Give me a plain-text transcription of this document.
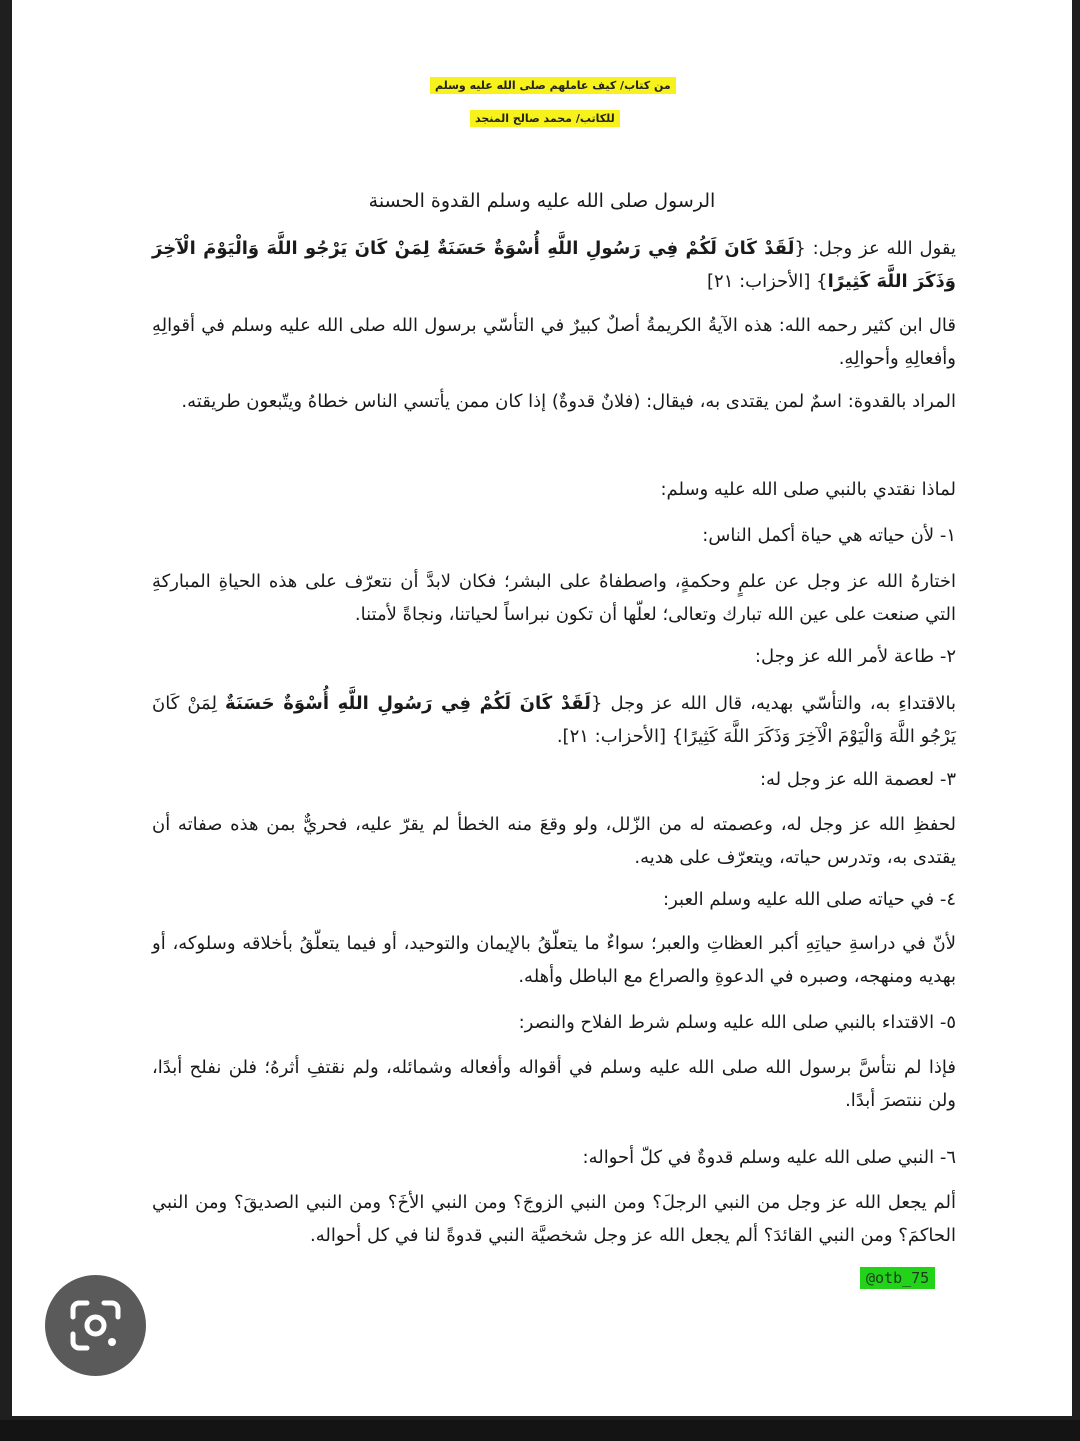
من كتاب/ كيف عاملهم صلى الله عليه وسلم
للكاتب/ محمد صالح المنجد
الرسول صلى الله عليه وسلم القدوة الحسنة
يقول الله عز وجل: {لَقَدْ كَانَ لَكُمْ فِي رَسُولِ اللَّهِ أُسْوَةٌ حَسَنَةٌ لِمَنْ كَانَ يَرْجُو اللَّهَ وَالْيَوْمَ الْآخِرَ وَذَكَرَ اللَّهَ كَثِيرًا} [الأحزاب: ٢١]
قال ابن كثير رحمه الله: هذه الآيةُ الكريمةُ أصلٌ كبيرٌ في التأسّي برسول الله صلى الله عليه وسلم في أقوالِهِ وأفعالِهِ وأحوالِهِ.
المراد بالقدوة: اسمٌ لمن يقتدى به، فيقال: (فلانٌ قدوةٌ) إذا كان ممن يأتسي الناس خطاهُ ويتّبعون طريقته.
لماذا نقتدي بالنبي صلى الله عليه وسلم:
١- لأن حياته هي حياة أكمل الناس:
اختارهُ الله عز وجل عن علمٍ وحكمةٍ، واصطفاهُ على البشر؛ فكان لابدَّ أن نتعرّف على هذه الحياةِ المباركةِ التي صنعت على عين الله تبارك وتعالى؛ لعلّها أن تكون نبراساً لحياتنا، ونجاةً لأمتنا.
٢- طاعة لأمر الله عز وجل:
بالاقتداءِ به، والتأسّي بهديه، قال الله عز وجل {لَقَدْ كَانَ لَكُمْ فِي رَسُولِ اللَّهِ أُسْوَةٌ حَسَنَةٌ لِمَنْ كَانَ يَرْجُو اللَّهَ وَالْيَوْمَ الْآخِرَ وَذَكَرَ اللَّهَ كَثِيرًا} [الأحزاب: ٢١].
٣- لعصمة الله عز وجل له:
لحفظِ الله عز وجل له، وعصمته له من الزّلل، ولو وقعَ منه الخطأ لم يقرّ عليه، فحريٌّ بمن هذه صفاته أن يقتدى به، وتدرس حياته، ويتعرّف على هديه.
٤- في حياته صلى الله عليه وسلم العبر:
لأنّ في دراسةِ حياتِهِ أكبر العظاتِ والعبر؛ سواءٌ ما يتعلّقُ بالإيمان والتوحيد، أو فيما يتعلّقُ بأخلاقه وسلوكه، أو بهديه ومنهجه، وصبره في الدعوةِ والصراع مع الباطل وأهله.
٥- الاقتداء بالنبي صلى الله عليه وسلم شرط الفلاح والنصر:
فإذا لم نتأسَّ برسول الله صلى الله عليه وسلم في أقواله وأفعاله وشمائله، ولم نقتفِ أثرهُ؛ فلن نفلح أبدًا، ولن ننتصرَ أبدًا.
٦- النبي صلى الله عليه وسلم قدوةٌ في كلّ أحواله:
ألم يجعل الله عز وجل من النبي الرجلَ؟ ومن النبي الزوجَ؟ ومن النبي الأخَ؟ ومن النبي الصديقَ؟ ومن النبي الحاكمَ؟ ومن النبي القائدَ؟ ألم يجعل الله عز وجل شخصيَّة النبي قدوةً لنا في كل أحواله.
@otb_75
